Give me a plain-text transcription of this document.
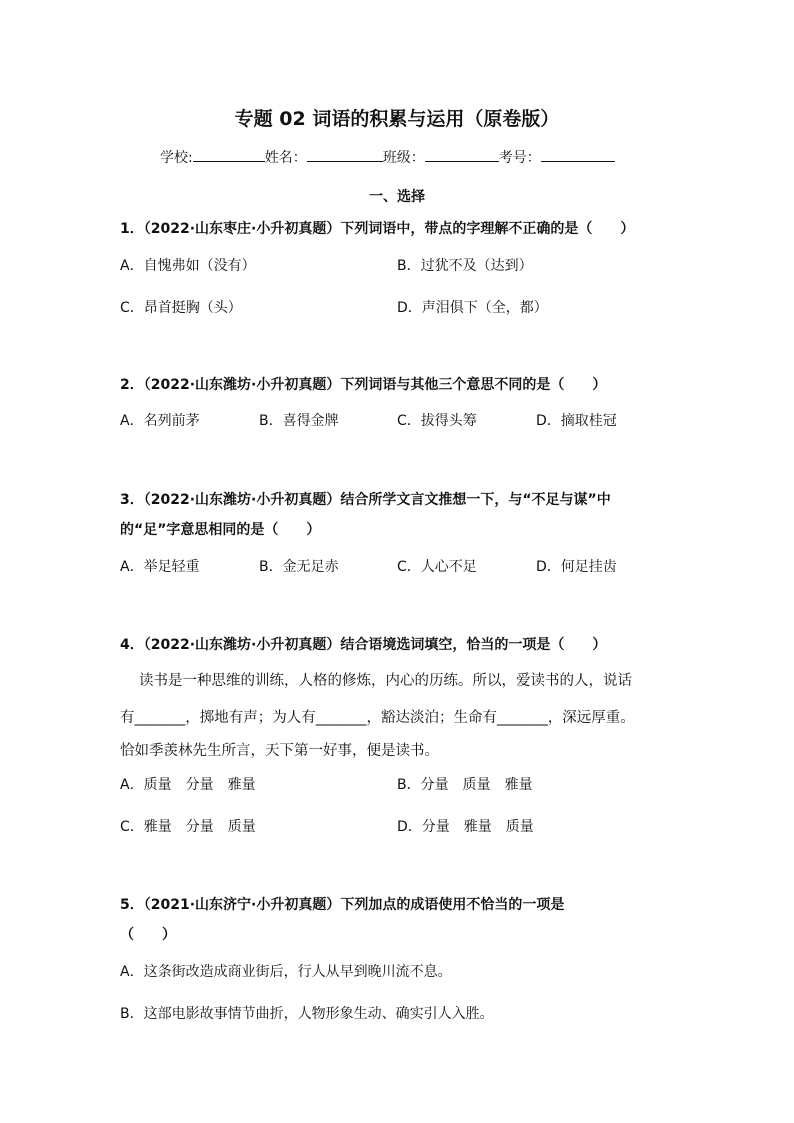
专题 02 词语的积累与运用（原卷版）
学校:	姓名：	班级：	考号：
一、选择
1．（2022·山东枣庄·小升初真题）下列词语中，带点的字理解不正确的是（　　）
A．自愧弗如（没有）	B．过犹不及（达到）
C．昂首挺胸（头）	D．声泪俱下（全，都）
2．（2022·山东潍坊·小升初真题）下列词语与其他三个意思不同的是（　　）
A．名列前茅	B．喜得金牌	C．拔得头筹	D．摘取桂冠
3．（2022·山东潍坊·小升初真题）结合所学文言文推想一下，与“不足与谋”中
的“足”字意思相同的是（　　）
A．举足轻重	B．金无足赤	C．人心不足	D．何足挂齿
4．（2022·山东潍坊·小升初真题）结合语境选词填空，恰当的一项是（　　）
读书是一种思维的训练，人格的修炼，内心的历练。所以，爱读书的人，说话
有_______，掷地有声；为人有_______，豁达淡泊；生命有_______，深远厚重。
恰如季羡林先生所言，天下第一好事，便是读书。
A．质量　分量　雅量	B．分量　质量　雅量
C．雅量　分量　质量	D．分量　雅量　质量
5．（2021·山东济宁·小升初真题）下列加点的成语使用不恰当的一项是
（　　）
A．这条街改造成商业街后，行人从早到晚川流不息。
B．这部电影故事情节曲折，人物形象生动、确实引人入胜。
